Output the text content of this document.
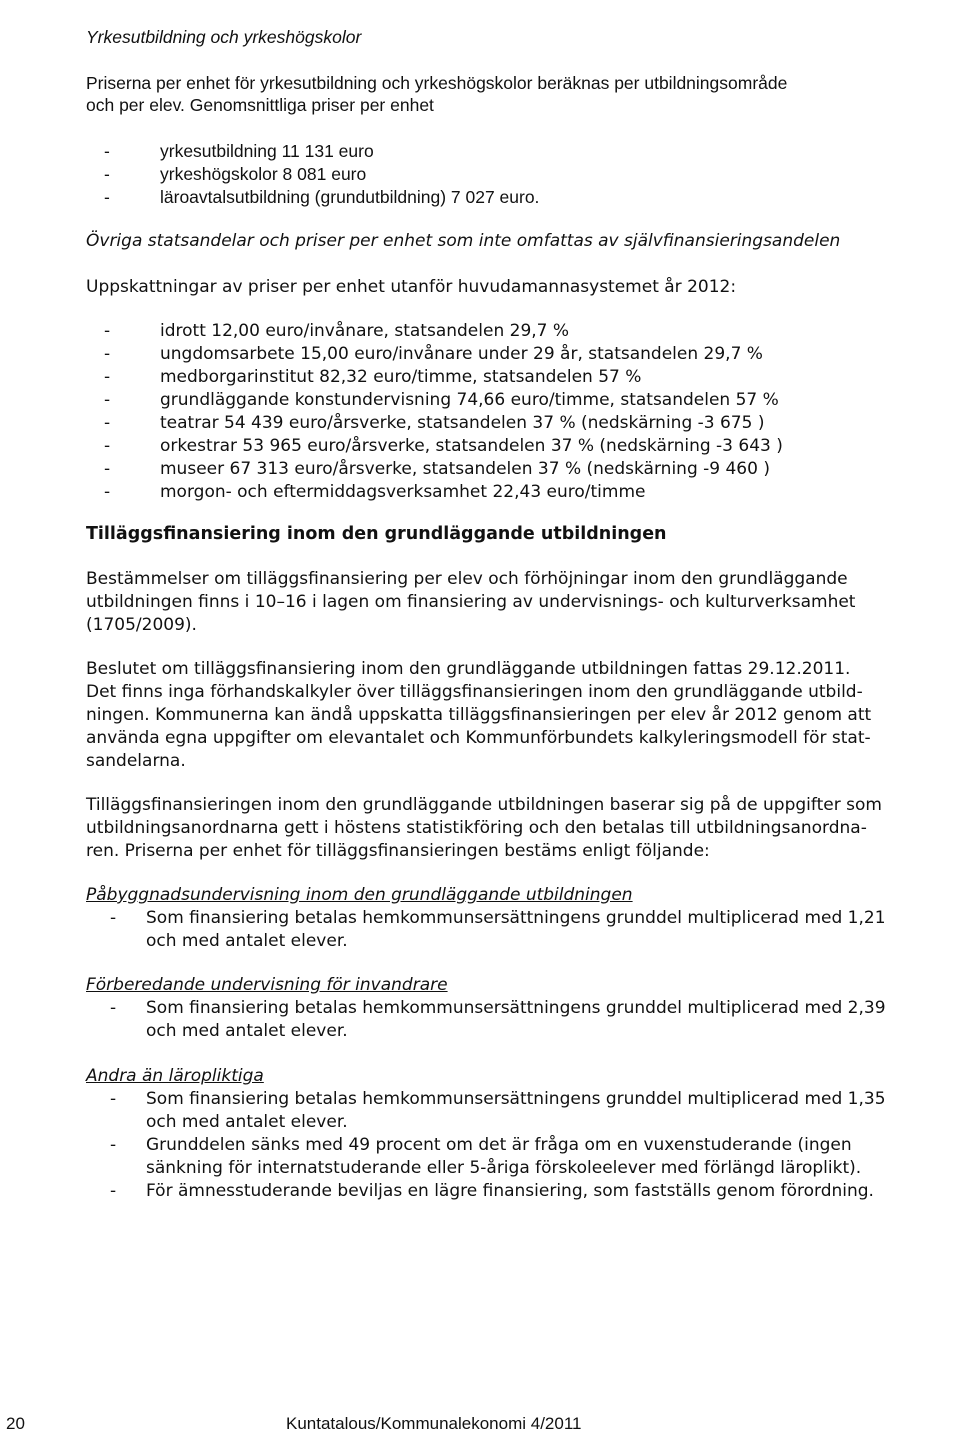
Yrkesutbildning och yrkeshögskolor
Priserna per enhet för yrkesutbildning och yrkeshögskolor beräknas per utbildningsområde
och per elev. Genomsnittliga priser per enhet
-	yrkesutbildning 11 131 euro
-	yrkeshögskolor 8 081 euro
-	läroavtalsutbildning (grundutbildning) 7 027 euro.
Övriga statsandelar och priser per enhet som inte omfattas av självfinansieringsandelen
Uppskattningar av priser per enhet utanför huvudamannasystemet år 2012:
-	idrott 12,00 euro/invånare, statsandelen 29,7 %
-	ungdomsarbete 15,00 euro/invånare under 29 år, statsandelen 29,7 %
-	medborgarinstitut 82,32 euro/timme, statsandelen 57 %
-	grundläggande konstundervisning 74,66 euro/timme, statsandelen 57 %
-	teatrar 54 439 euro/årsverke, statsandelen 37 % (nedskärning -3 675 )
-	orkestrar 53 965 euro/årsverke, statsandelen 37 % (nedskärning -3 643 )
-	museer 67 313 euro/årsverke, statsandelen 37 % (nedskärning -9 460 )
-	morgon- och eftermiddagsverksamhet 22,43 euro/timme
Tilläggsfinansiering inom den grundläggande utbildningen
Bestämmelser om tilläggsfinansiering per elev och förhöjningar inom den grundläggande
utbildningen finns i 10–16 i lagen om finansiering av undervisnings- och kulturverksamhet
(1705/2009).
Beslutet om tilläggsfinansiering inom den grundläggande utbildningen fattas 29.12.2011.
Det finns inga förhandskalkyler över tilläggsfinansieringen inom den grundläggande utbild-
ningen. Kommunerna kan ändå uppskatta tilläggsfinansieringen per elev år 2012 genom att
använda egna uppgifter om elevantalet och Kommunförbundets kalkyleringsmodell för stat-
sandelarna.
Tilläggsfinansieringen inom den grundläggande utbildningen baserar sig på de uppgifter som
utbildningsanordnarna gett i höstens statistikföring och den betalas till utbildningsanordna-
ren. Priserna per enhet för tilläggsfinansieringen bestäms enligt följande:
Påbyggnadsundervisning inom den grundläggande utbildningen
- Som finansiering betalas hemkommunsersättningens grunddel multiplicerad med 1,21
och med antalet elever.
Förberedande undervisning för invandrare
- Som finansiering betalas hemkommunsersättningens grunddel multiplicerad med 2,39
och med antalet elever.
Andra än läropliktiga
- Som finansiering betalas hemkommunsersättningens grunddel multiplicerad med 1,35
och med antalet elever.
- Grunddelen sänks med 49 procent om det är fråga om en vuxenstuderande (ingen
sänkning för internatstuderande eller 5-åriga förskoleelever med förlängd läroplikt).
- För ämnesstuderande beviljas en lägre finansiering, som fastställs genom förordning.
20	Kuntatalous/Kommunalekonomi 4/2011
